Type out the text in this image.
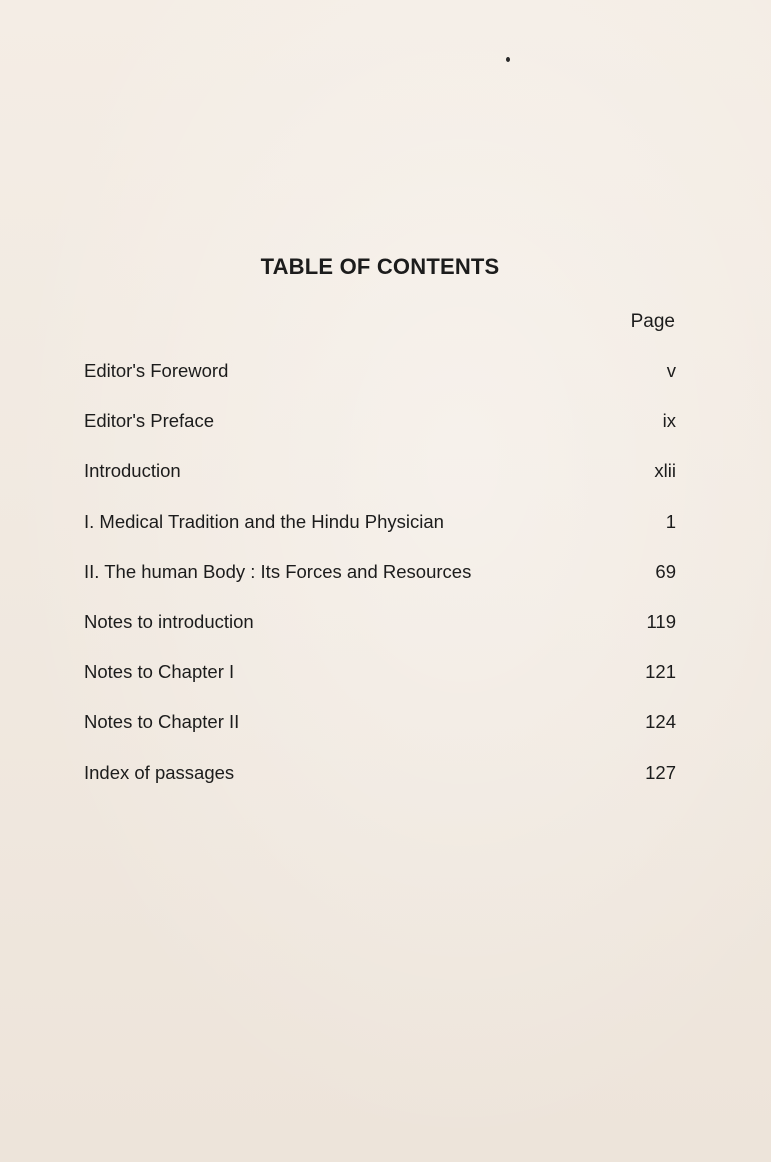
TABLE OF CONTENTS
Page
Editor's Foreword	v
Editor's Preface	ix
Introduction	xlii
I. Medical Tradition and the Hindu Physician	1
II. The human Body : Its Forces and Resources	69
Notes to introduction	119
Notes to Chapter I	121
Notes to Chapter II	124
Index of passages	127
